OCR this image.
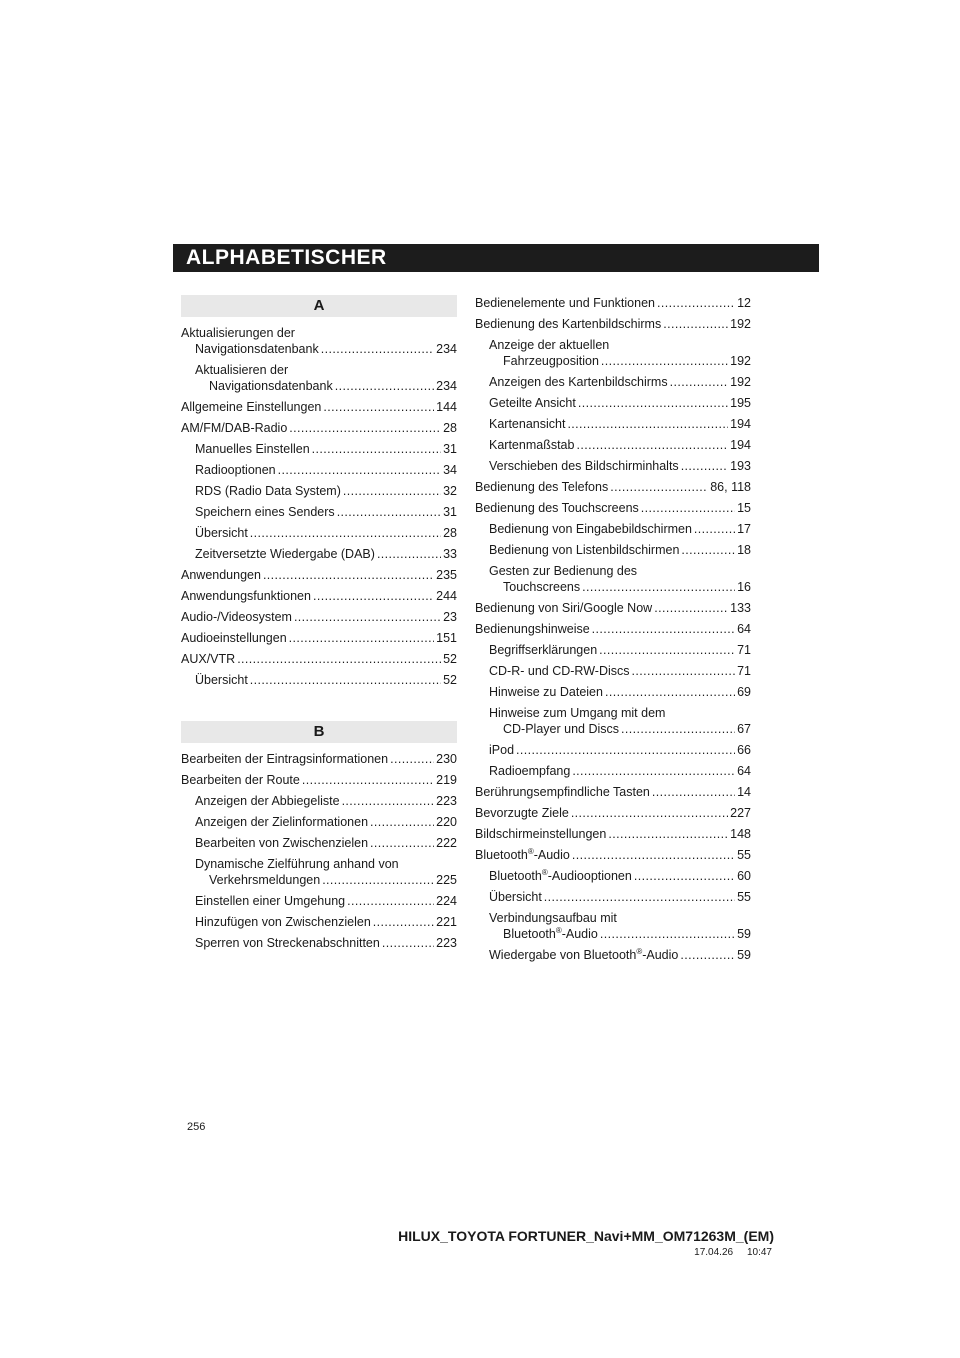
ALPHABETISCHER
A
Aktualisierungen der
Navigationsdatenbank .....	234
Aktualisieren der
Navigationsdatenbank .....	234
Allgemeine Einstellungen .....	144
AM/FM/DAB-Radio .....	28
Manuelles Einstellen .....	31
Radiooptionen .....	34
RDS (Radio Data System) .....	32
Speichern eines Senders .....	31
Übersicht .....	28
Zeitversetzte Wiedergabe (DAB) .....	33
Anwendungen .....	235
Anwendungsfunktionen .....	244
Audio-/Videosystem .....	23
Audioeinstellungen .....	151
AUX/VTR .....	52
Übersicht .....	52
B
Bearbeiten der Eintragsinformationen .....	230
Bearbeiten der Route .....	219
Anzeigen der Abbiegeliste .....	223
Anzeigen der Zielinformationen .....	220
Bearbeiten von Zwischenzielen .....	222
Dynamische Zielführung anhand von
Verkehrsmeldungen .....	225
Einstellen einer Umgehung .....	224
Hinzufügen von Zwischenzielen .....	221
Sperren von Streckenabschnitten .....	223
Bedienelemente und Funktionen .....	12
Bedienung des Kartenbildschirms .....	192
Anzeige der aktuellen
Fahrzeugposition .....	192
Anzeigen des Kartenbildschirms .....	192
Geteilte Ansicht .....	195
Kartenansicht .....	194
Kartenmaßstab .....	194
Verschieben des Bildschirminhalts .....	193
Bedienung des Telefons .....	86, 118
Bedienung des Touchscreens .....	15
Bedienung von Eingabebildschirmen .....	17
Bedienung von Listenbildschirmen .....	18
Gesten zur Bedienung des
Touchscreens .....	16
Bedienung von Siri/Google Now .....	133
Bedienungshinweise .....	64
Begriffserklärungen .....	71
CD-R- und CD-RW-Discs .....	71
Hinweise zu Dateien .....	69
Hinweise zum Umgang mit dem
CD-Player und Discs .....	67
iPod .....	66
Radioempfang .....	64
Berührungsempfindliche Tasten .....	14
Bevorzugte Ziele .....	227
Bildschirmeinstellungen .....	148
Bluetooth®-Audio .....	55
Bluetooth®-Audiooptionen .....	60
Übersicht .....	55
Verbindungsaufbau mit
Bluetooth®-Audio .....	59
Wiedergabe von Bluetooth®-Audio .....	59
256
HILUX_TOYOTA FORTUNER_Navi+MM_OM71263M_(EM)
17.04.26     10:47
